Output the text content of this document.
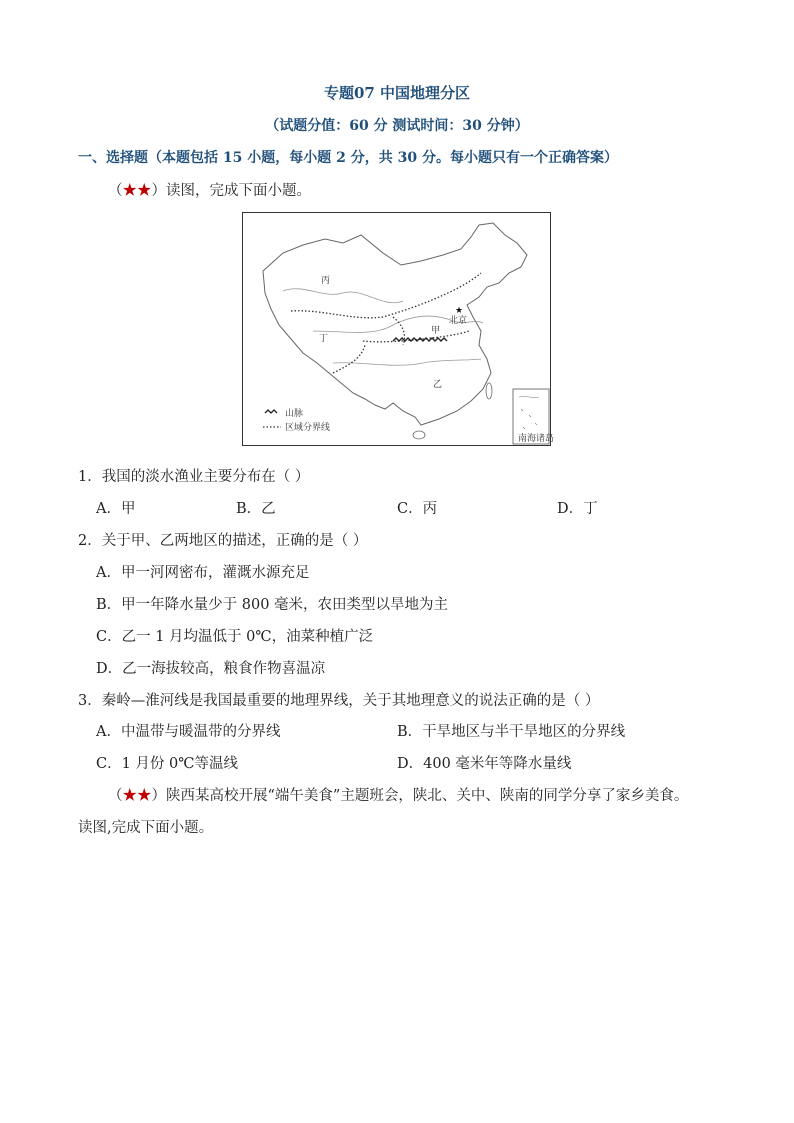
专题07 中国地理分区
（试题分值：60 分 测试时间：30 分钟）
一、选择题（本题包括 15 小题，每小题 2 分，共 30 分。每小题只有一个正确答案）
（★★）读图，完成下面小题。
★
北京
丙
丁
甲
乙
山脉
区域分界线
南海诸岛
1．我国的淡水渔业主要分布在（ ）
A．甲	B．乙	C．丙	D．丁
2．关于甲、乙两地区的描述，正确的是（ ）
A．甲一河网密布，灌溉水源充足
B．甲一年降水量少于 800 毫米，农田类型以旱地为主
C．乙一 1 月均温低于 0℃，油菜种植广泛
D．乙一海拔较高，粮食作物喜温凉
3．秦岭—淮河线是我国最重要的地理界线，关于其地理意义的说法正确的是（ ）
A．中温带与暖温带的分界线	B．干旱地区与半干旱地区的分界线
C．1 月份 0℃等温线	D．400 毫米年等降水量线
（★★）陕西某高校开展“端午美食”主题班会，陕北、关中、陕南的同学分享了家乡美食。
读图,完成下面小题。
